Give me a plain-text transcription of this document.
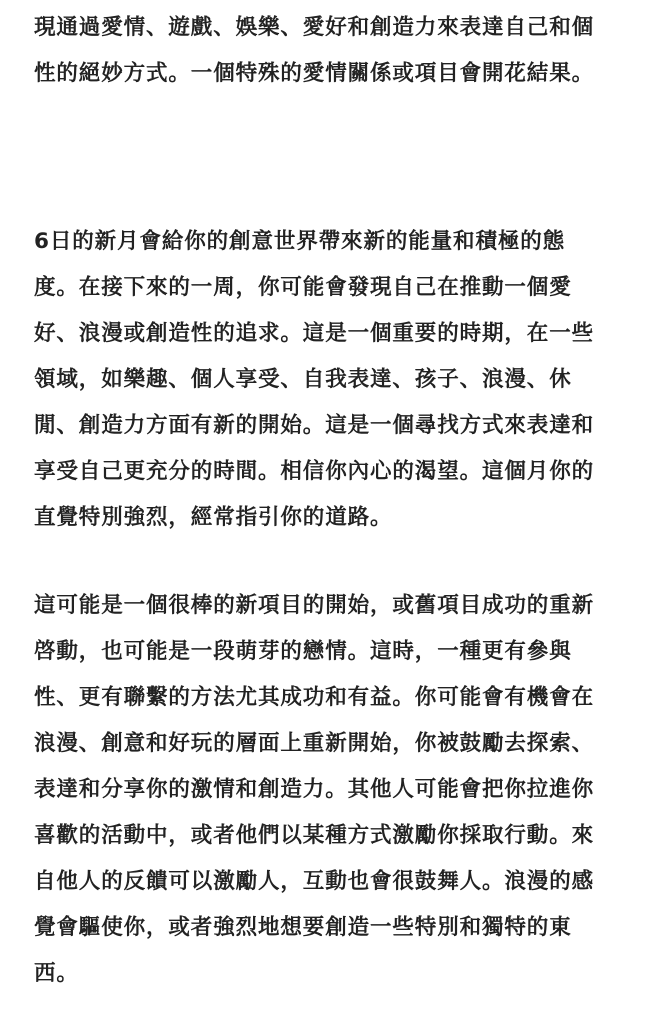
現通過愛情、遊戲、娛樂、愛好和創造力來表達自己和個
性的絕妙方式。一個特殊的愛情關係或項目會開花結果。

6日的新月會給你的創意世界帶來新的能量和積極的態
度。在接下來的一周，你可能會發現自己在推動一個愛
好、浪漫或創造性的追求。這是一個重要的時期，在一些
領域，如樂趣、個人享受、自我表達、孩子、浪漫、休
閒、創造力方面有新的開始。這是一個尋找方式來表達和
享受自己更充分的時間。相信你內心的渴望。這個月你的
直覺特別強烈，經常指引你的道路。

這可能是一個很棒的新項目的開始，或舊項目成功的重新
啓動，也可能是一段萌芽的戀情。這時，一種更有參與
性、更有聯繫的方法尤其成功和有益。你可能會有機會在
浪漫、創意和好玩的層面上重新開始，你被鼓勵去探索、
表達和分享你的激情和創造力。其他人可能會把你拉進你
喜歡的活動中，或者他們以某種方式激勵你採取行動。來
自他人的反饋可以激勵人，互動也會很鼓舞人。浪漫的感
覺會驅使你，或者強烈地想要創造一些特別和獨特的東
西。
